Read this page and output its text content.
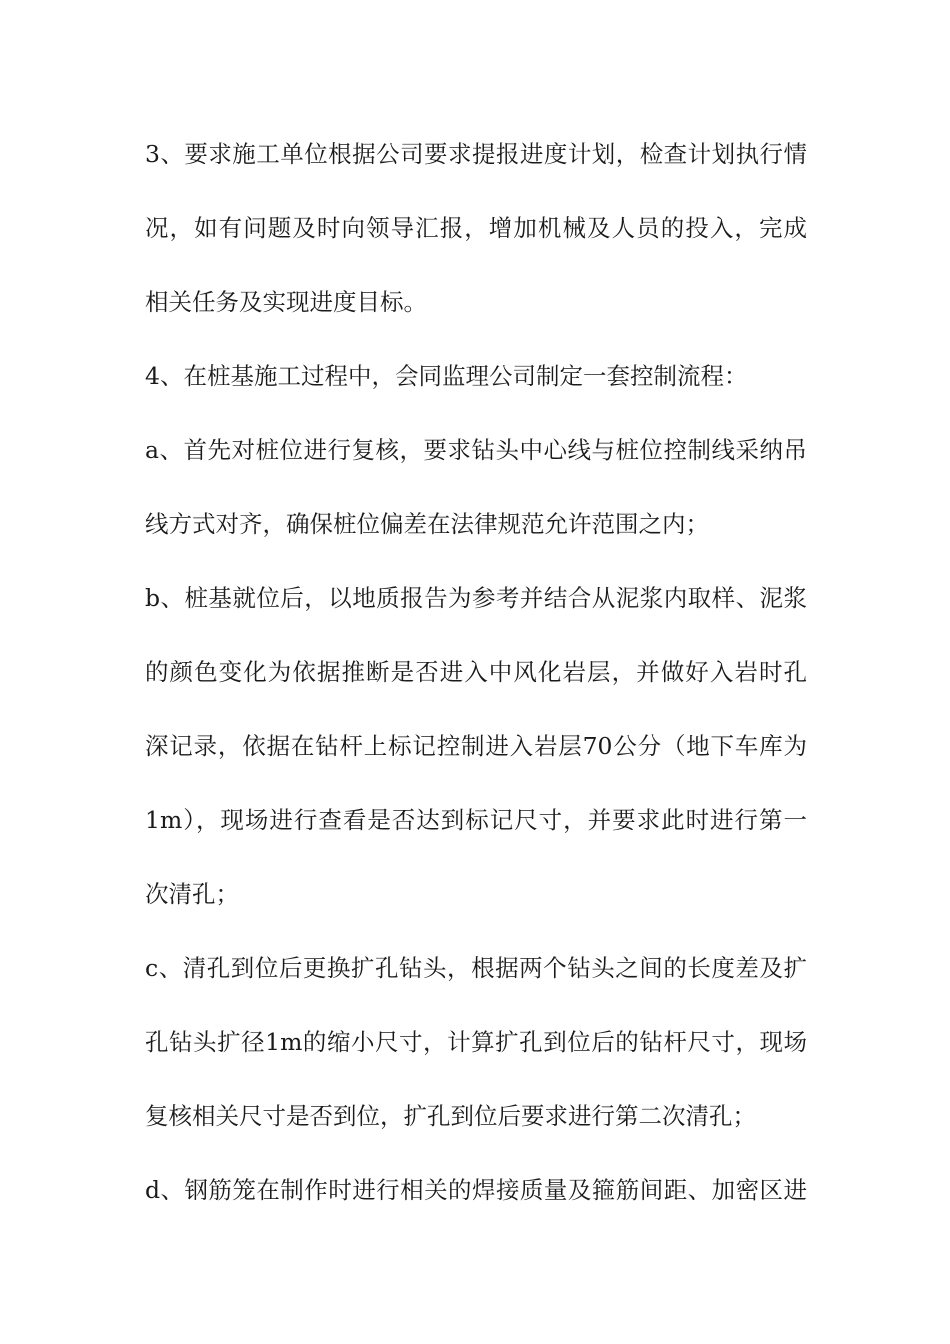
3、要求施工单位根据公司要求提报进度计划，检查计划执行情
况，如有问题及时向领导汇报，增加机械及人员的投入，完成
相关任务及实现进度目标。
4、在桩基施工过程中，会同监理公司制定一套控制流程：
a、首先对桩位进行复核，要求钻头中心线与桩位控制线采纳吊
线方式对齐，确保桩位偏差在法律规范允许范围之内；
b、桩基就位后，以地质报告为参考并结合从泥浆内取样、泥浆
的颜色变化为依据推断是否进入中风化岩层，并做好入岩时孔
深记录，依据在钻杆上标记控制进入岩层70公分（地下车库为
1m），现场进行查看是否达到标记尺寸，并要求此时进行第一
次清孔；
c、清孔到位后更换扩孔钻头，根据两个钻头之间的长度差及扩
孔钻头扩径1m的缩小尺寸，计算扩孔到位后的钻杆尺寸，现场
复核相关尺寸是否到位，扩孔到位后要求进行第二次清孔；
d、钢筋笼在制作时进行相关的焊接质量及箍筋间距、加密区进
